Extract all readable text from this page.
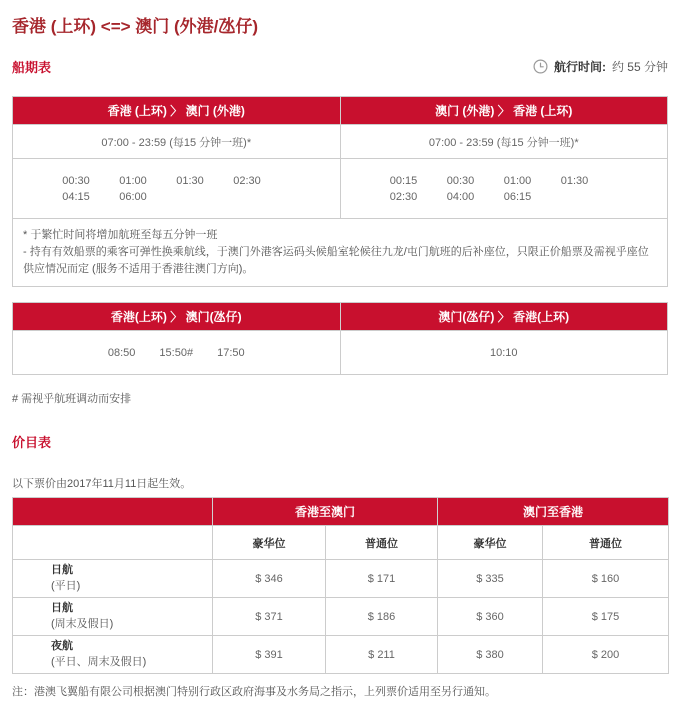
香港 (上环) <=> 澳门 (外港/氹仔)
船期表	航行时间: 约 55 分钟
香港 (上环) 〉 澳门 (外港)	澳门 (外港) 〉 香港 (上环)
07:00 - 23:59 (每15 分钟一班)*	07:00 - 23:59 (每15 分钟一班)*

00:30	01:00	01:30	02:30
04:15	06:00

00:15	00:30	01:00	01:30
02:30	04:00	06:15

* 于繁忙时间将增加航班至每五分钟一班
- 持有有效船票的乘客可弹性换乘航线，于澳门外港客运码头候船室轮候往九龙/屯门航班的后补座位，只限正价船票及需视乎座位供应情况而定 (服务不适用于香港往澳门方向)。	
香港(上环) 〉 澳门(氹仔)	澳门(氹仔) 〉 香港(上环)

08:50 15:50# 17:50	10:10

# 需视乎航班调动而安排

价目表

以下票价由2017年11月11日起生效。

	香港至澳门		澳门至香港	
	豪华位	普通位	豪华位	普通位

日航
(平日)	$ 346	$ 171	$ 335	$ 160

日航
(周末及假日)	$ 371	$ 186	$ 360	$ 175

夜航
(平日、周末及假日)	$ 391	$ 211	$ 380	$ 200

注：港澳飞翼船有限公司根据澳门特别行政区政府海事及水务局之指示，上列票价适用至另行通知。
